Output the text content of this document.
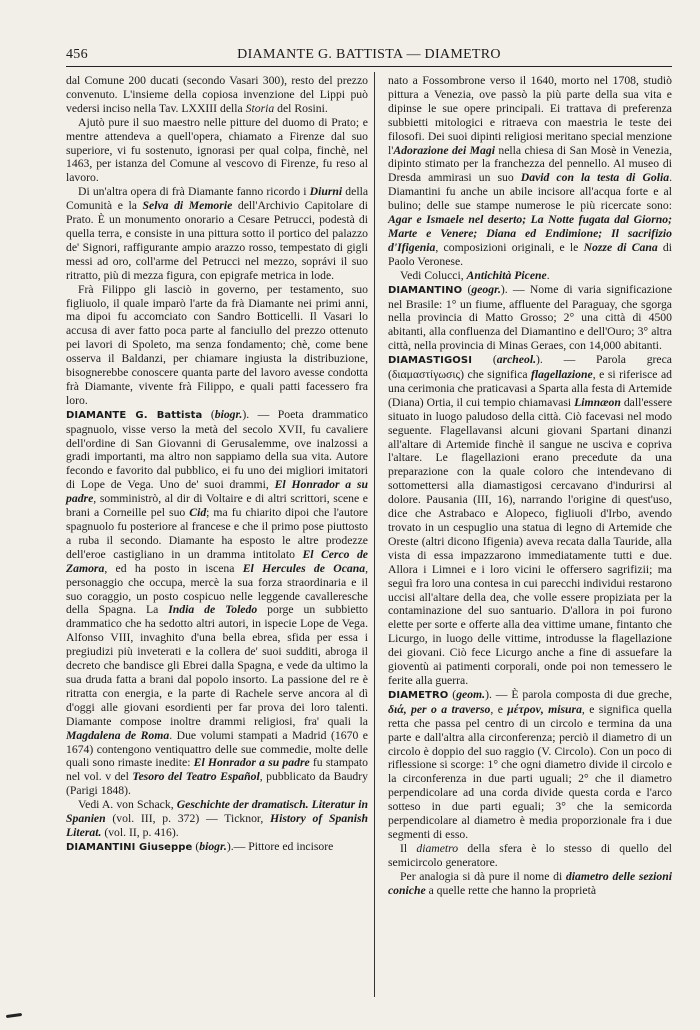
456	DIAMANTE G. BATTISTA — DIAMETRO

dal Comune 200 ducati (secondo Vasari 300), resto del prezzo convenuto. L'insieme della copiosa invenzione del Lippi può vedersi inciso nella Tav. LXXIII della Storia del Rosini.

Ajutò pure il suo maestro nelle pitture del duomo di Prato; e mentre attendeva a quell'opera, chiamato a Firenze dal suo superiore, vi fu sostenuto, ignorasi per qual colpa, finchè, nel 1463, per istanza del Comune al vescovo di Firenze, fu reso al lavoro.

Di un'altra opera di frà Diamante fanno ricordo i Diurni della Comunità e la Selva di Memorie dell'Archivio Capitolare di Prato. È un monumento onorario a Cesare Petrucci, podestà di quella terra, e consiste in una pittura sotto il portico del palazzo de' Signori, raffigurante ampio arazzo rosso, tempestato di gigli messi ad oro, coll'arme del Petrucci nel mezzo, soprávi il suo ritratto, più di mezza figura, con epigrafe metrica in lode.

Frà Filippo gli lasciò in governo, per testamento, suo figliuolo, il quale imparò l'arte da frà Diamante nei primi anni, ma dipoi fu accomciato con Sandro Botticelli. Il Vasari lo accusa di aver fatto poca parte al fanciullo del prezzo ottenuto pei lavori di Spoleto, ma senza fondamento; chè, come bene osserva il Baldanzi, per chiamare ingiusta la distribuzione, bisognerebbe conoscere quanta parte del lavoro avesse condotta frà Diamante, vivente frà Filippo, e quali patti facessero fra loro.

DIAMANTE G. Battista (biogr.). — Poeta drammatico spagnuolo, visse verso la metà del secolo XVII, fu cavaliere dell'ordine di San Giovanni di Gerusalemme, ove inalzossi a gradi importanti, ma altro non sappiamo della sua vita. Autore fecondo e favorito dal pubblico, ei fu uno dei migliori imitatori di Lope de Vega. Uno de' suoi drammi, El Honrador a su padre, somministrò, al dir di Voltaire e di altri scrittori, scene e brani a Corneille pel suo Cid; ma fu chiarito dipoi che l'autore spagnuolo fu posteriore al francese e che il primo pose piuttosto a ruba il secondo. Diamante ha esposto le altre prodezze dell'eroe castigliano in un dramma intitolato El Cerco de Zamora, ed ha posto in iscena El Hercules de Ocana, personaggio che occupa, mercè la sua forza straordinaria e il suo coraggio, un posto cospicuo nelle leggende cavalleresche della Spagna. La India de Toledo porge un subbietto drammatico che ha sedotto altri autori, in ispecie Lope de Vega. Alfonso VIII, invaghito d'una bella ebrea, sfida per essa i pregiudizi più inveterati e la collera de' suoi sudditi, abroga il decreto che bandisce gli Ebrei dalla Spagna, e vede da ultimo la sua druda fatta a brani dal popolo insorto. La passione del re è ritratta con energia, e la parte di Rachele serve ancora al dì d'oggi alle giovani esordienti per far prova dei loro talenti. Diamante compose inoltre drammi religiosi, fra' quali la Magdalena de Roma. Due volumi stampati a Madrid (1670 e 1674) contengono ventiquattro delle sue commedie, molte delle quali sono rimaste inedite: El Honrador a su padre fu stampato nel vol. v del Tesoro del Teatro Español, pubblicato da Baudry (Parigi 1848).

Vedi A. von Schack, Geschichte der dramatisch. Literatur in Spanien (vol. III, p. 372) — Ticknor, History of Spanish Literat. (vol. II, p. 416).

DIAMANTINI Giuseppe (biogr.).— Pittore ed incisore

nato a Fossombrone verso il 1640, morto nel 1708, studiò pittura a Venezia, ove passò la più parte della sua vita e dipinse le sue opere principali. Ei trattava di preferenza subbietti mitologici e ritraeva con maestria le teste dei filosofi. Dei suoi dipinti religiosi meritano special menzione l'Adorazione dei Magi nella chiesa di San Mosè in Venezia, dipinto stimato per la franchezza del pennello. Al museo di Dresda ammirasi un suo David con la testa di Golia. Diamantini fu anche un abile incisore all'acqua forte e al bulino; delle sue stampe numerose le più ricercate sono: Agar e Ismaele nel deserto; La Notte fugata dal Giorno; Marte e Venere; Diana ed Endimione; Il sacrifizio d'Ifigenia, composizioni originali, e le Nozze di Cana di Paolo Veronese.

Vedi Colucci, Antichità Picene.

DIAMANTINO (geogr.). — Nome di varia significazione nel Brasile: 1° un fiume, affluente del Paraguay, che sgorga nella provincia di Matto Grosso; 2° una città di 4500 abitanti, alla confluenza del Diamantino e dell'Ouro; 3° altra città, nella provincia di Minas Geraes, con 14,000 abitanti.

DIAMASTIGOSI (archeol.). — Parola greca (διαμαστίγωσις) che significa flagellazione, e si riferisce ad una cerimonia che praticavasi a Sparta alla festa di Artemide (Diana) Ortia, il cui tempio chiamavasi Limnæon dall'essere situato in luogo paludoso della città. Ciò facevasi nel modo seguente. Flagellavansi alcuni giovani Spartani dinanzi all'altare di Artemide finchè il sangue ne usciva e copriva l'altare. Le flagellazioni erano precedute da una preparazione con la quale coloro che intendevano di sottomettersi alla diamastigosi cercavano d'indurirsi al dolore. Pausania (III, 16), narrando l'origine di quest'uso, dice che Astrabaco e Alopeco, figliuoli d'Irbo, avendo trovato in un cespuglio una statua di legno di Artemide che Oreste (altri dicono Ifigenia) aveva recata dalla Tauride, alla vista di essa impazzarono immediatamente tutti e due. Allora i Limnei e i loro vicini le offersero sagrifizii; ma seguì fra loro una contesa in cui parecchi individui restarono uccisi all'altare della dea, che volle essere propiziata per la contaminazione del suo santuario. D'allora in poi furono elette per sorte e offerte alla dea vittime umane, fintanto che Licurgo, in luogo delle vittime, introdusse la flagellazione dei giovani. Ciò fece Licurgo anche a fine di assuefare la gioventù ai patimenti corporali, onde poi non temessero le ferite alla guerra.

DIAMETRO (geom.). — È parola composta di due greche, διά, per o a traverso, e μέτρον, misura, e significa quella retta che passa pel centro di un circolo e termina da una parte e dall'altra alla circonferenza; perciò il diametro di un circolo è doppio del suo raggio (V. Circolo). Con un poco di riflessione si scorge: 1° che ogni diametro divide il circolo e la circonferenza in due parti uguali; 2° che il diametro perpendicolare ad una corda divide questa corda e l'arco sotteso in due parti eguali; 3° che la semicorda perpendicolare al diametro è media proporzionale fra i due segmenti di esso.

Il diametro della sfera è lo stesso di quello del semicircolo generatore.

Per analogia si dà pure il nome di diametro delle sezioni coniche a quelle rette che hanno la proprietà
